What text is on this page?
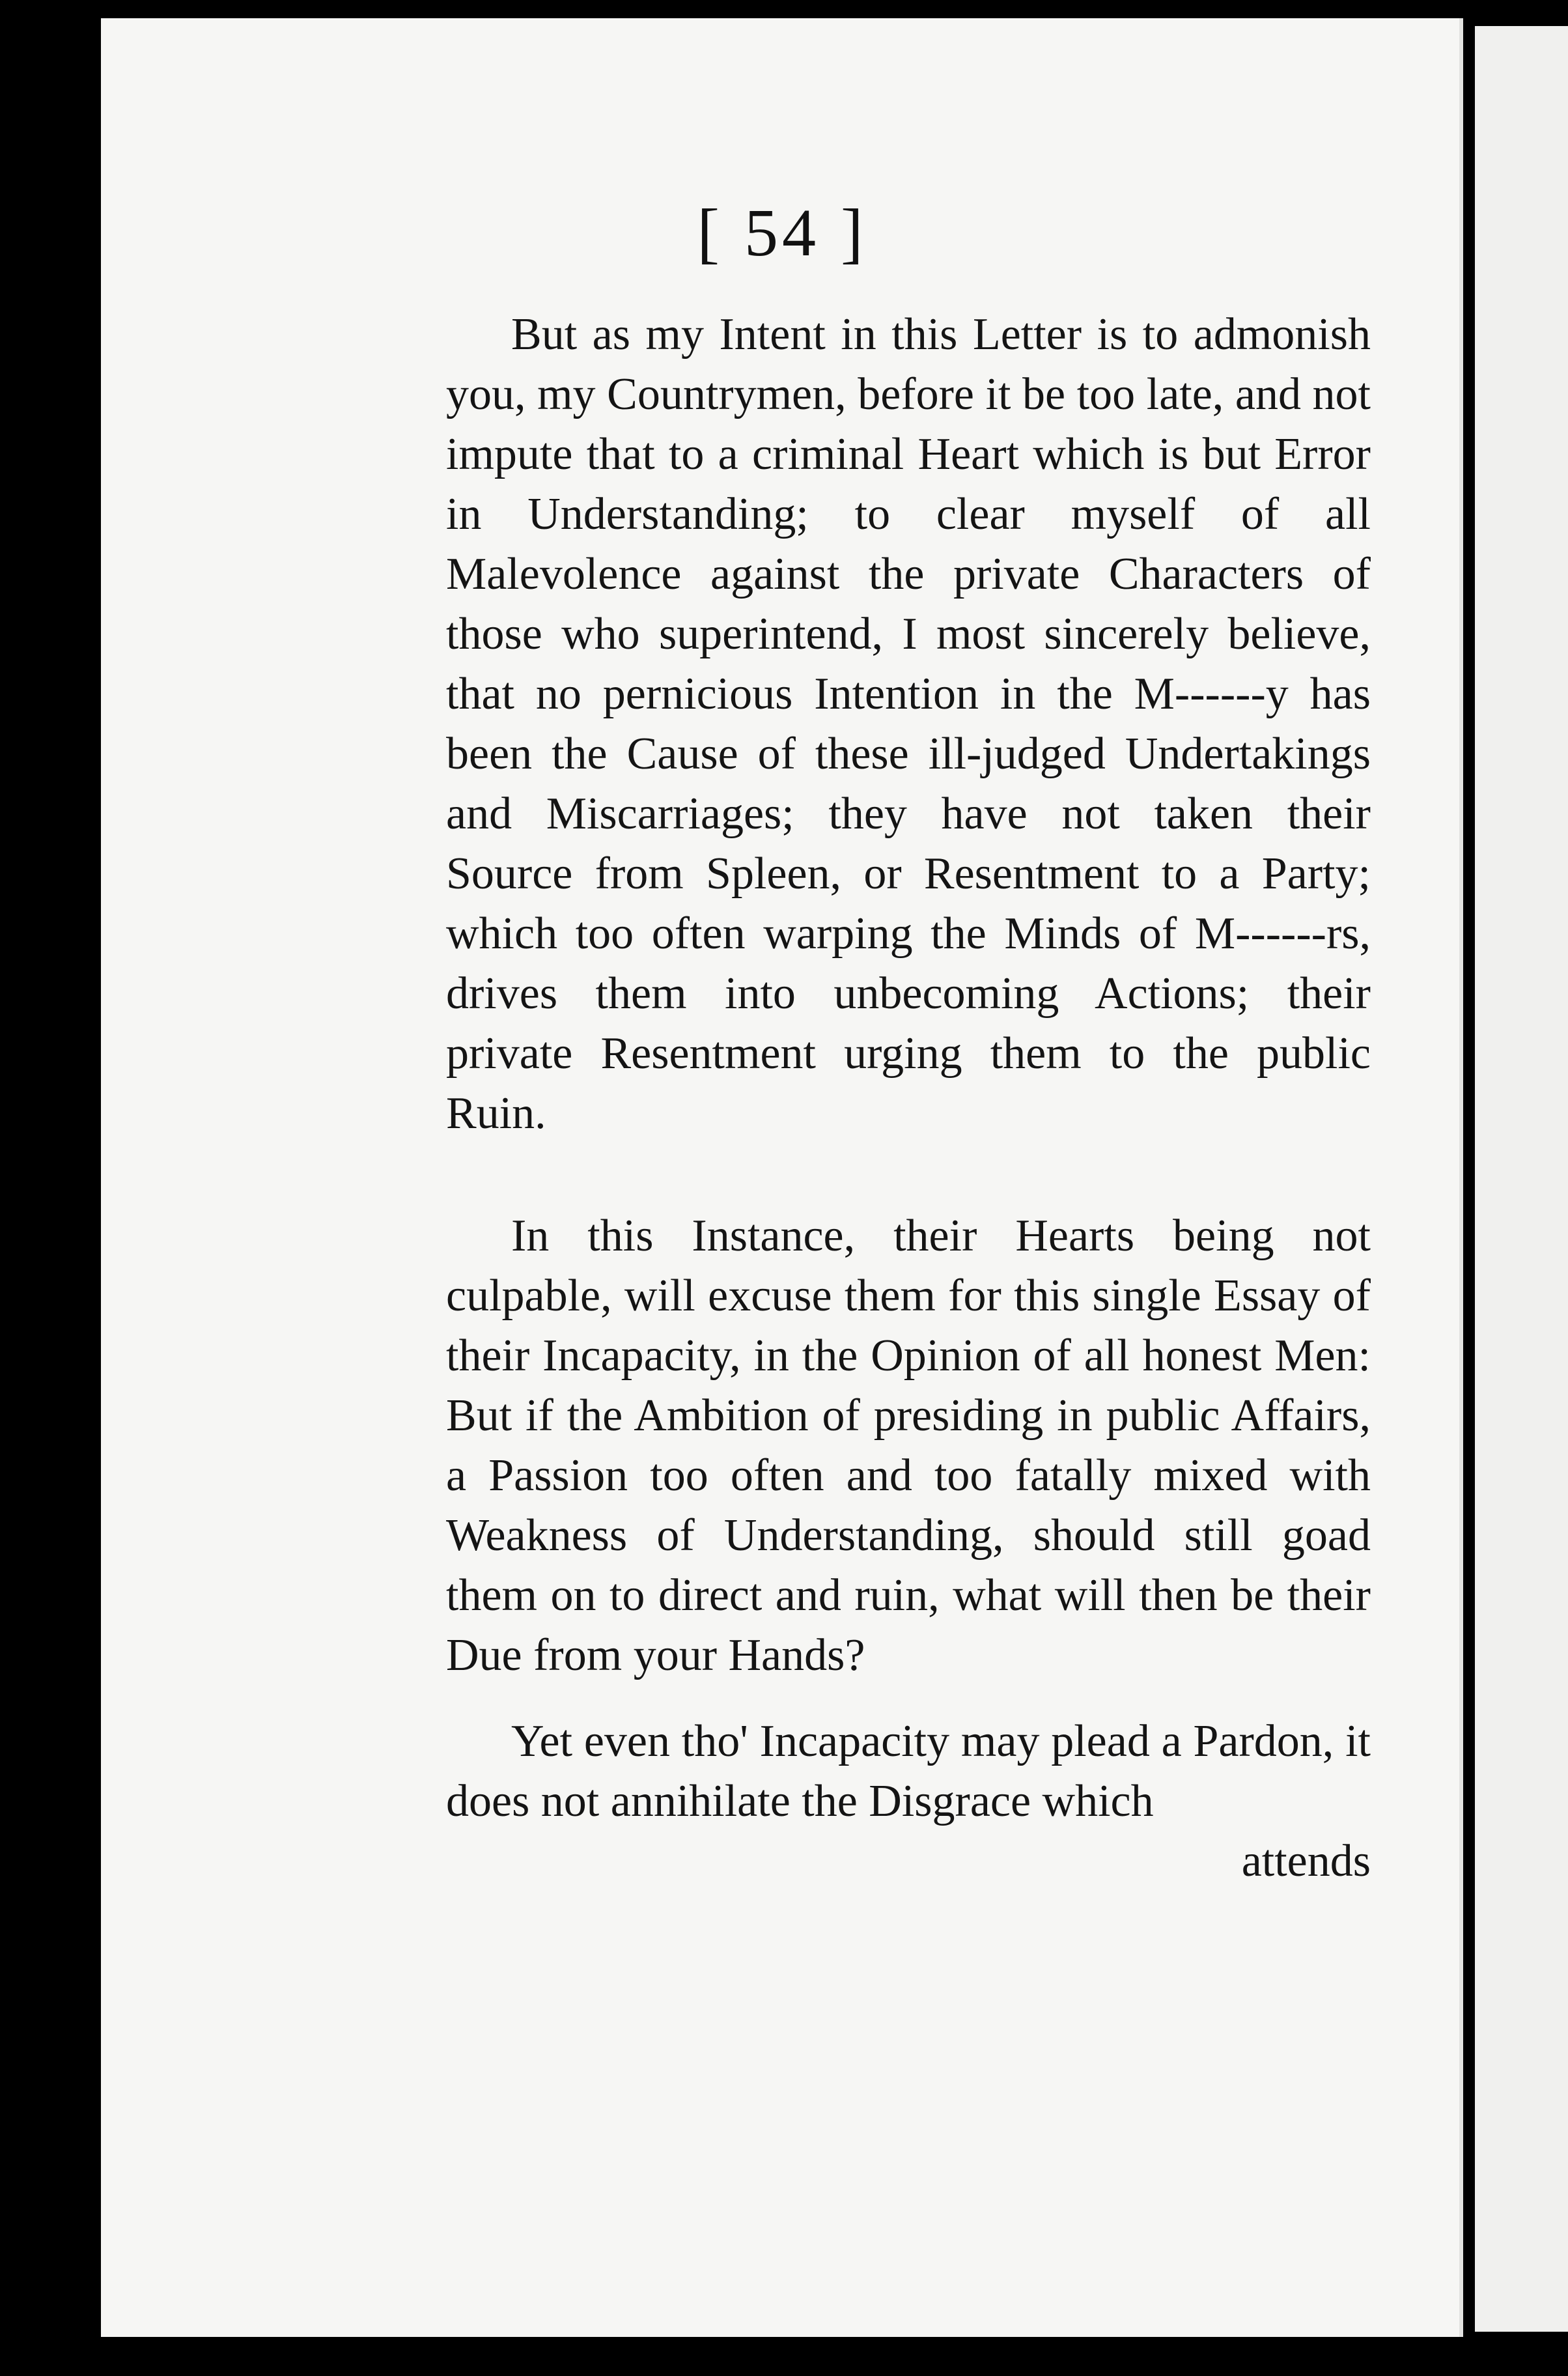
[ 54 ]

But as my Intent in this Letter is to admonish you, my Countrymen, before it be too late, and not impute that to a criminal Heart which is but Error in Understanding; to clear myself of all Malevolence against the private Characters of those who superintend, I most sincerely believe, that no pernicious Intention in the M------y has been the Cause of these ill-judged Undertakings and Miscarriages; they have not taken their Source from Spleen, or Resentment to a Party; which too often warping the Minds of M------rs, drives them into unbecoming Actions; their private Resentment urging them to the public Ruin.

In this Instance, their Hearts being not culpable, will excuse them for this single Essay of their Incapacity, in the Opinion of all honest Men: But if the Ambition of presiding in public Affairs, a Passion too often and too fatally mixed with Weakness of Understanding, should still goad them on to direct and ruin, what will then be their Due from your Hands?

Yet even tho' Incapacity may plead a Pardon, it does not annihilate the Disgrace which

attends
